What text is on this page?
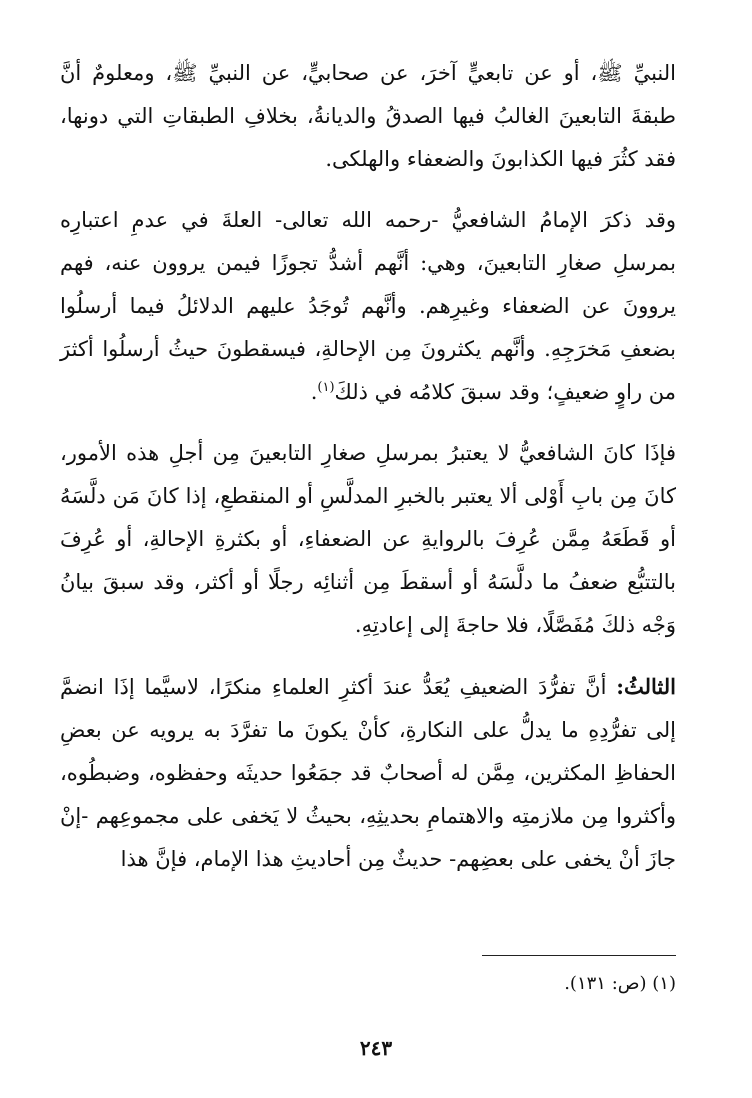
النبيِّ ﷺ، أو عن تابعيٍّ آخرَ، عن صحابيٍّ، عن النبيِّ ﷺ، ومعلومٌ أنَّ طبقةَ التابعينَ الغالبُ فيها الصدقُ والديانةُ، بخلافِ الطبقاتِ التي دونها، فقد كثُرَ فيها الكذابونَ والضعفاء والهلكى.

وقد ذكرَ الإمامُ الشافعيُّ -رحمه الله تعالى- العلةَ في عدمِ اعتبارِه بمرسلِ صغارِ التابعينَ، وهي: أنَّهم أشدُّ تجوزًا فيمن يروون عنه، فهم يروونَ عن الضعفاء وغيرِهم. وأنَّهم تُوجَدُ عليهم الدلائلُ فيما أرسلُوا بضعفِ مَخرَجِهِ. وأنَّهم يكثرونَ مِن الإحالةِ، فيسقطونَ حيثُ أرسلُوا أكثرَ من راوٍ ضعيفٍ؛ وقد سبقَ كلامُه في ذلكَ$^{(١)}$.

فإذَا كانَ الشافعيُّ لا يعتبرُ بمرسلِ صغارِ التابعينَ مِن أجلِ هذه الأمور، كانَ مِن بابِ أَوْلى ألا يعتبر بالخبرِ المدلَّسِ أو المنقطعِ، إذا كانَ مَن دلَّسَهُ أو قَطَعَهُ مِمَّن عُرِفَ بالروايةِ عن الضعفاءِ، أو بكثرةِ الإحالةِ، أو عُرِفَ بالتتبُّع ضعفُ ما دلَّسَهُ أو أسقطَ مِن أثنائِه رجلًا أو أكثر، وقد سبقَ بيانُ وَجْه ذلكَ مُفَصَّلًا، فلا حاجةَ إلى إعادتِهِ.

الثالثُ: أنَّ تفرُّدَ الضعيفِ يُعَدُّ عندَ أكثرِ العلماءِ منكرًا، لاسيَّما إذَا انضمَّ إلى تفرُّدِهِ ما يدلُّ على النكارةِ، كأنْ يكونَ ما تفرَّدَ به يرويه عن بعضِ الحفاظِ المكثرين، مِمَّن له أصحابٌ قد جمَعُوا حديثَه وحفظوه، وضبطُوه، وأكثروا مِن ملازمتِه والاهتمامِ بحديثِهِ، بحيثُ لا يَخفى على مجموعِهم -إنْ جازَ أنْ يخفى على بعضِهم- حديثٌ مِن أحاديثِ هذا الإمام، فإنَّ هذا

(١) (ص: ١٣١).
٢٤٣
